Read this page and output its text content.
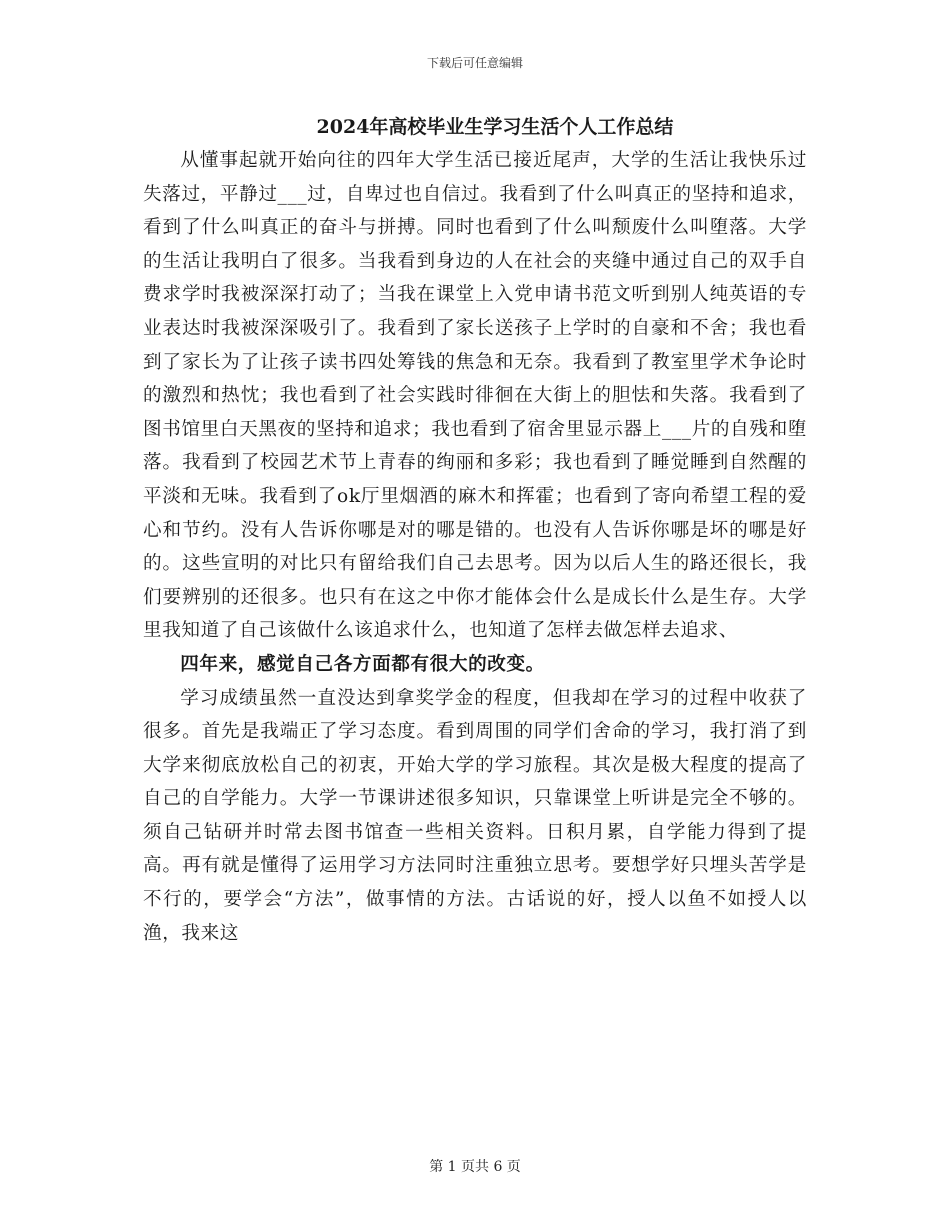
下载后可任意编辑
2024年高校毕业生学习生活个人工作总结

从懂事起就开始向往的四年大学生活已接近尾声，大学的生活让我快乐过失落过，平静过___过，自卑过也自信过。我看到了什么叫真正的坚持和追求，看到了什么叫真正的奋斗与拼搏。同时也看到了什么叫颓废什么叫堕落。大学的生活让我明白了很多。当我看到身边的人在社会的夹缝中通过自己的双手自费求学时我被深深打动了；当我在课堂上入党申请书范文听到别人纯英语的专业表达时我被深深吸引了。我看到了家长送孩子上学时的自豪和不舍；我也看到了家长为了让孩子读书四处筹钱的焦急和无奈。我看到了教室里学术争论时的激烈和热忱；我也看到了社会实践时徘徊在大街上的胆怯和失落。我看到了图书馆里白天黑夜的坚持和追求；我也看到了宿舍里显示器上___片的自残和堕落。我看到了校园艺术节上青春的绚丽和多彩；我也看到了睡觉睡到自然醒的平淡和无味。我看到了ok厅里烟酒的麻木和挥霍；也看到了寄向希望工程的爱心和节约。没有人告诉你哪是对的哪是错的。也没有人告诉你哪是坏的哪是好的。这些宣明的对比只有留给我们自己去思考。因为以后人生的路还很长，我们要辨别的还很多。也只有在这之中你才能体会什么是成长什么是生存。大学里我知道了自己该做什么该追求什么，也知道了怎样去做怎样去追求、

四年来，感觉自己各方面都有很大的改变。

学习成绩虽然一直没达到拿奖学金的程度，但我却在学习的过程中收获了很多。首先是我端正了学习态度。看到周围的同学们舍命的学习，我打消了到大学来彻底放松自己的初衷，开始大学的学习旅程。其次是极大程度的提高了自己的自学能力。大学一节课讲述很多知识，只靠课堂上听讲是完全不够的。须自己钻研并时常去图书馆查一些相关资料。日积月累，自学能力得到了提高。再有就是懂得了运用学习方法同时注重独立思考。要想学好只埋头苦学是不行的，要学会“方法”，做事情的方法。古话说的好，授人以鱼不如授人以渔，我来这

第 1 页共 6 页
